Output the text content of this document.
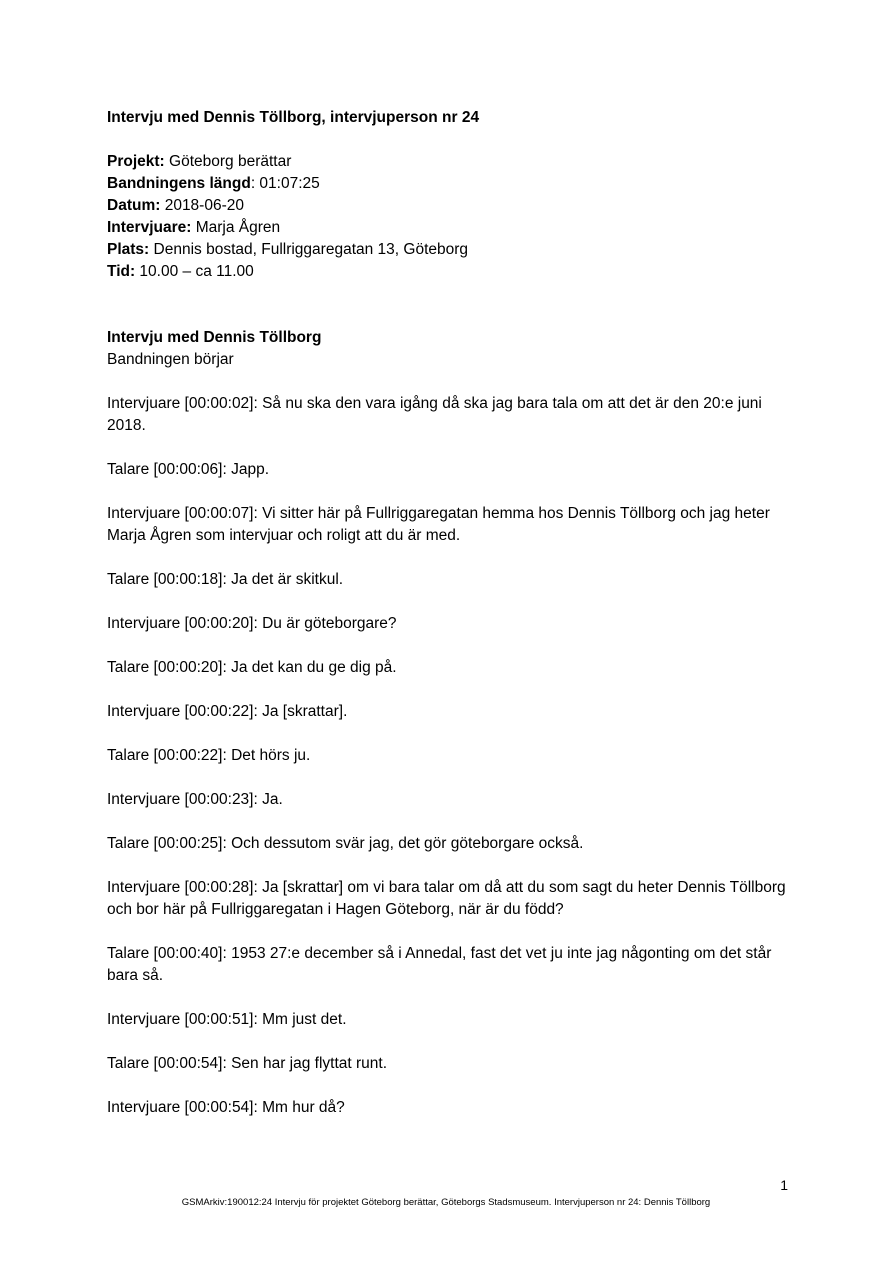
Intervju med Dennis Töllborg, intervjuperson nr 24

Projekt: Göteborg berättar

Bandningens längd: 01:07:25

Datum: 2018-06-20

Intervjuare: Marja Ågren

Plats: Dennis bostad, Fullriggaregatan 13, Göteborg

Tid: 10.00 – ca 11.00

Intervju med Dennis Töllborg

Bandningen börjar

Intervjuare [00:00:02]: Så nu ska den vara igång då ska jag bara tala om att det är den 20:e juni 2018.

Talare [00:00:06]: Japp.

Intervjuare [00:00:07]: Vi sitter här på Fullriggaregatan hemma hos Dennis Töllborg och jag heter Marja Ågren som intervjuar och roligt att du är med.

Talare [00:00:18]: Ja det är skitkul.

Intervjuare [00:00:20]: Du är göteborgare?

Talare [00:00:20]: Ja det kan du ge dig på.

Intervjuare [00:00:22]: Ja [skrattar].

Talare [00:00:22]: Det hörs ju.

Intervjuare [00:00:23]: Ja.

Talare [00:00:25]: Och dessutom svär jag, det gör göteborgare också.

Intervjuare [00:00:28]: Ja [skrattar] om vi bara talar om då att du som sagt du heter Dennis Töllborg och bor här på Fullriggaregatan i Hagen Göteborg, när är du född?

Talare [00:00:40]: 1953 27:e december så i Annedal, fast det vet ju inte jag någonting om det står bara så.

Intervjuare [00:00:51]: Mm just det.

Talare [00:00:54]: Sen har jag flyttat runt.

Intervjuare [00:00:54]: Mm hur då?

1
GSMArkiv:190012:24 Intervju för projektet Göteborg berättar, Göteborgs Stadsmuseum. Intervjuperson nr 24: Dennis Töllborg
